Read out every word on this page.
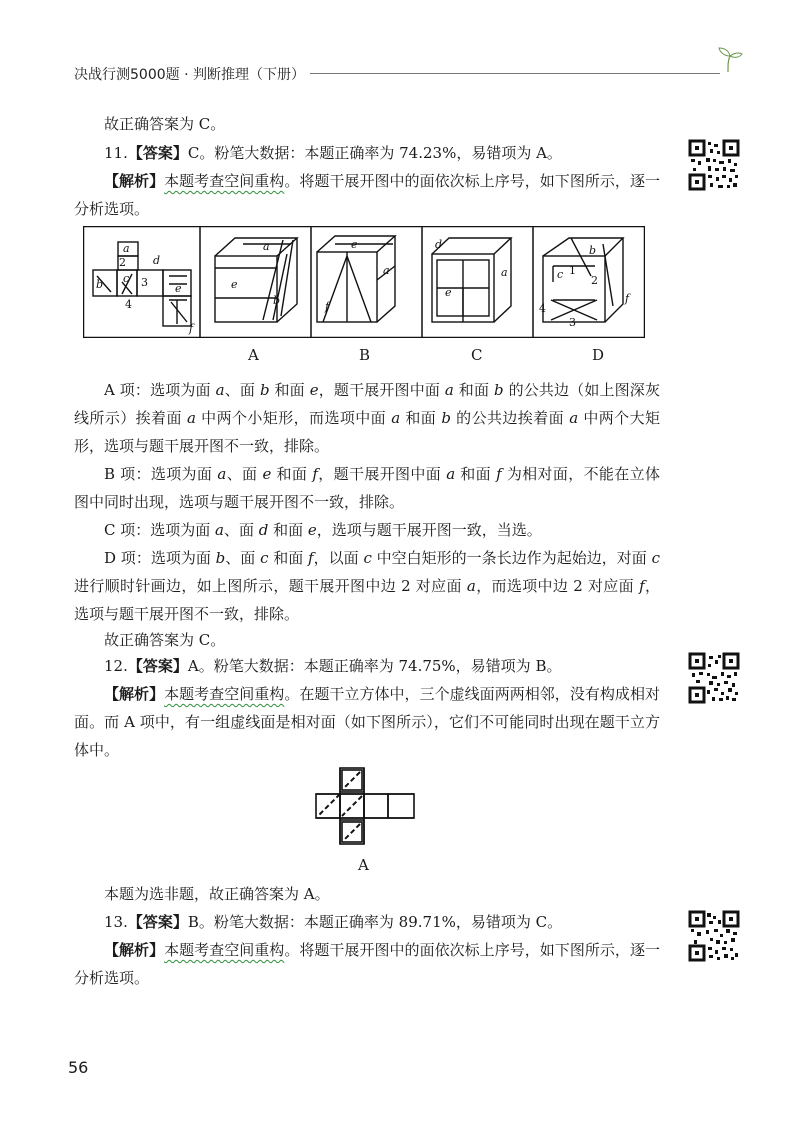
决战行测5000题 · 判断推理（下册）

故正确答案为 C。

11.【答案】C。粉笔大数据：本题正确率为 74.23%，易错项为 A。

【解析】本题考查空间重构。将题干展开图中的面依次标上序号，如下图所示，逐一分析选项。

a
2
c 3
4
b
d
e
f
a
e
b
e
a
f
d
e
a
b
c 1
2
4
3
f
A	B	C	D

A 项：选项为面 a、面 b 和面 e，题干展开图中面 a 和面 b 的公共边（如上图深灰线所示）挨着面 a 中两个小矩形，而选项中面 a 和面 b 的公共边挨着面 a 中两个大矩形，选项与题干展开图不一致，排除。

B 项：选项为面 a、面 e 和面 f，题干展开图中面 a 和面 f 为相对面，不能在立体图中同时出现，选项与题干展开图不一致，排除。

C 项：选项为面 a、面 d 和面 e，选项与题干展开图一致，当选。

D 项：选项为面 b、面 c 和面 f，以面 c 中空白矩形的一条长边作为起始边，对面 c 进行顺时针画边，如上图所示，题干展开图中边 2 对应面 a，而选项中边 2 对应面 f，选项与题干展开图不一致，排除。

故正确答案为 C。

12.【答案】A。粉笔大数据：本题正确率为 74.75%，易错项为 B。

【解析】本题考查空间重构。在题干立方体中，三个虚线面两两相邻，没有构成相对面。而 A 项中，有一组虚线面是相对面（如下图所示），它们不可能同时出现在题干立方体中。

A

本题为选非题，故正确答案为 A。

13.【答案】B。粉笔大数据：本题正确率为 89.71%，易错项为 C。

【解析】本题考查空间重构。将题干展开图中的面依次标上序号，如下图所示，逐一分析选项。

56
